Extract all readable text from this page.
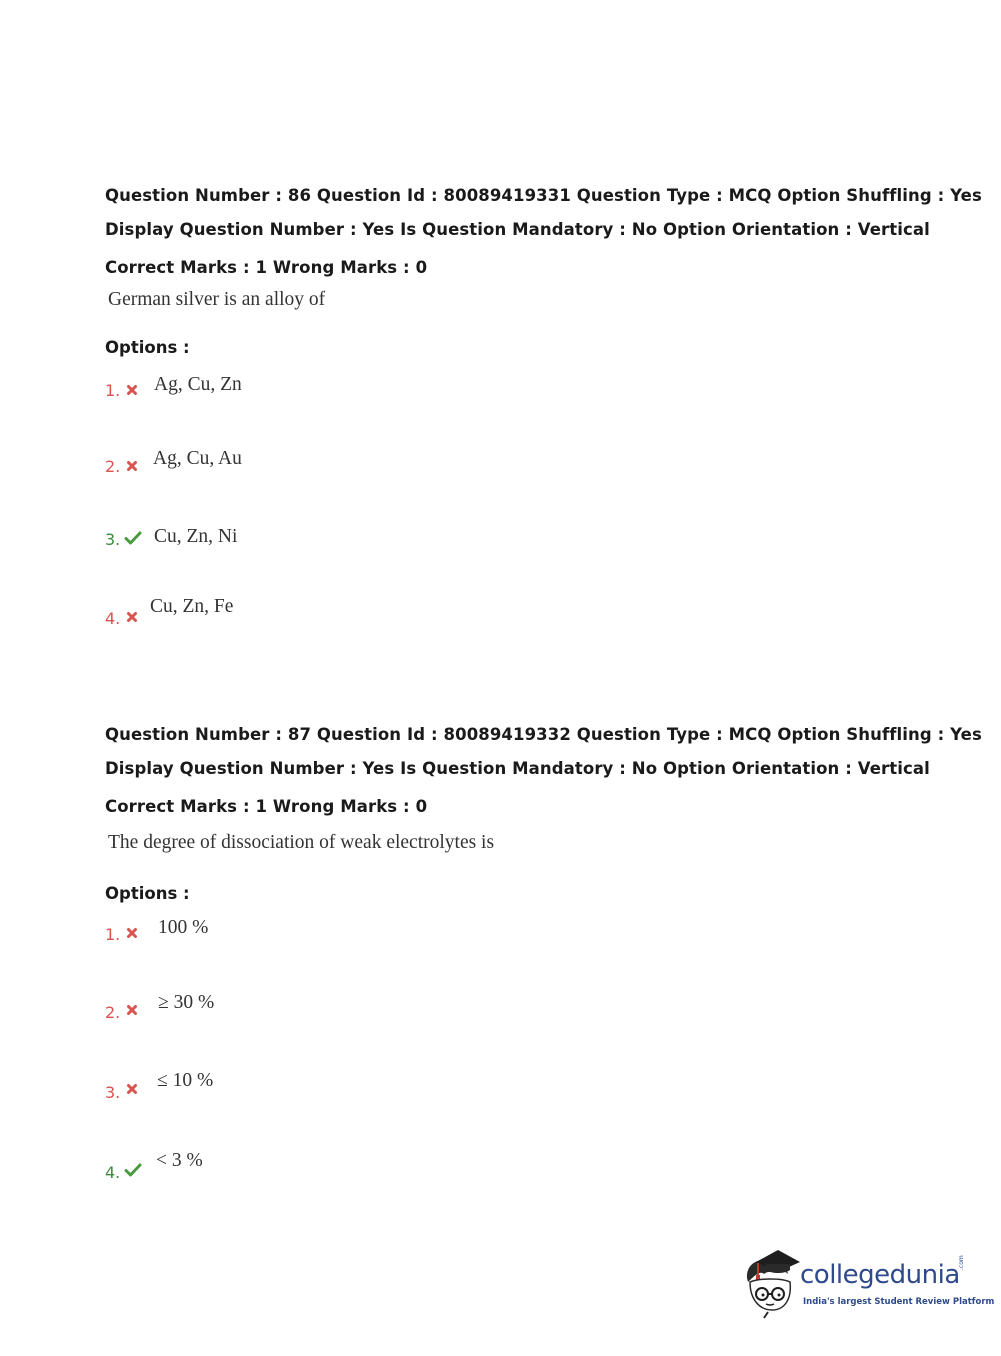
Question Number : 86 Question Id : 80089419331 Question Type : MCQ Option Shuffling : Yes
Display Question Number : Yes Is Question Mandatory : No Option Orientation : Vertical
Correct Marks : 1 Wrong Marks : 0
German silver is an alloy of
Options :
1. Ag, Cu, Zn
2. Ag, Cu, Au
3. Cu, Zn, Ni
4.
Cu, Zn, Fe
Question Number : 87 Question Id : 80089419332 Question Type : MCQ Option Shuffling : Yes
Display Question Number : Yes Is Question Mandatory : No Option Orientation : Vertical
Correct Marks : 1 Wrong Marks : 0
The degree of dissociation of weak electrolytes is
Options :
1. 100 %
2. ≥ 30 %
3.
≤ 10 %
4.
< 3 %
collegedunia
.com
India's largest Student Review Platform
